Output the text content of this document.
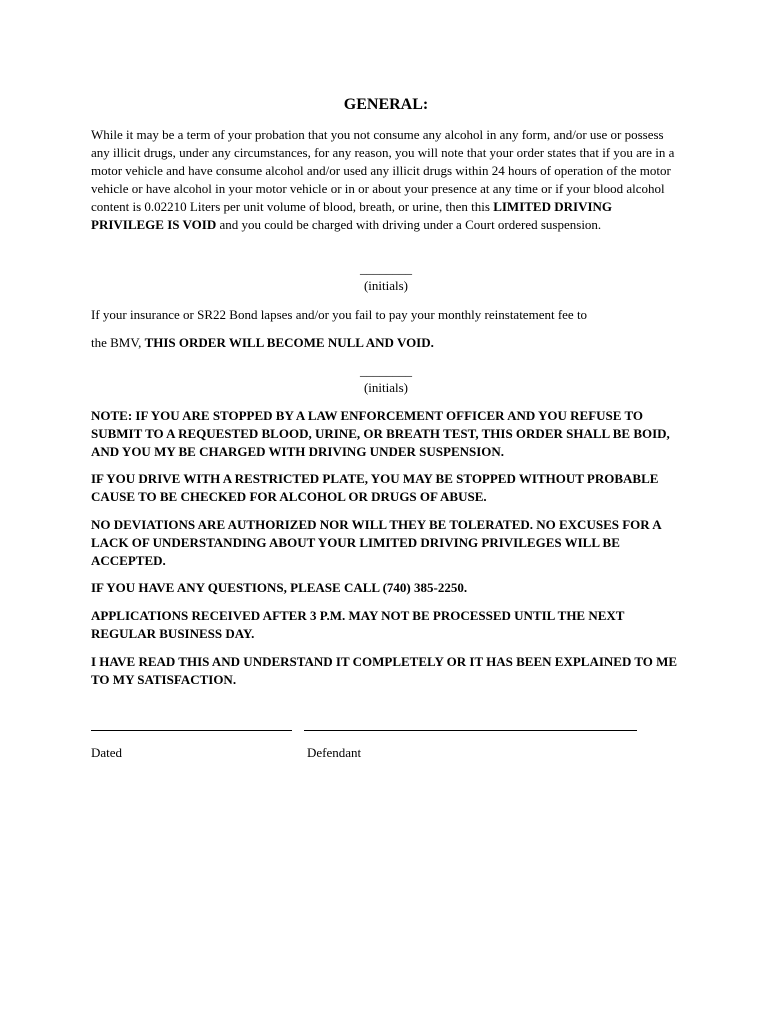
GENERAL:

While it may be a term of your probation that you not consume any alcohol in any form, and/or use or possess any illicit drugs, under any circumstances, for any reason, you will note that your order states that if you are in a motor vehicle and have consume alcohol and/or used any illicit drugs within 24 hours of operation of the motor vehicle or have alcohol in your motor vehicle or in or about your presence at any time or if your blood alcohol content is 0.02210 Liters per unit volume of blood, breath, or urine, then this LIMITED DRIVING PRIVILEGE IS VOID and you could be charged with driving under a Court ordered suspension.

________
(initials)

If your insurance or SR22 Bond lapses and/or you fail to pay your monthly reinstatement fee to

the BMV, THIS ORDER WILL BECOME NULL AND VOID.

________
(initials)

NOTE: IF YOU ARE STOPPED BY A LAW ENFORCEMENT OFFICER AND YOU REFUSE TO SUBMIT TO A REQUESTED BLOOD, URINE, OR BREATH TEST, THIS ORDER SHALL BE BOID, AND YOU MY BE CHARGED WITH DRIVING UNDER SUSPENSION.

IF YOU DRIVE WITH A RESTRICTED PLATE, YOU MAY BE STOPPED WITHOUT PROBABLE CAUSE TO BE CHECKED FOR ALCOHOL OR DRUGS OF ABUSE.

NO DEVIATIONS ARE AUTHORIZED NOR WILL THEY BE TOLERATED. NO EXCUSES FOR A LACK OF UNDERSTANDING ABOUT YOUR LIMITED DRIVING PRIVILEGES WILL BE ACCEPTED.

IF YOU HAVE ANY QUESTIONS, PLEASE CALL (740) 385-2250.

APPLICATIONS RECEIVED AFTER 3 P.M. MAY NOT BE PROCESSED UNTIL THE NEXT REGULAR BUSINESS DAY.

I HAVE READ THIS AND UNDERSTAND IT COMPLETELY OR IT HAS BEEN EXPLAINED TO ME TO MY SATISFACTION.

Dated	Defendant
